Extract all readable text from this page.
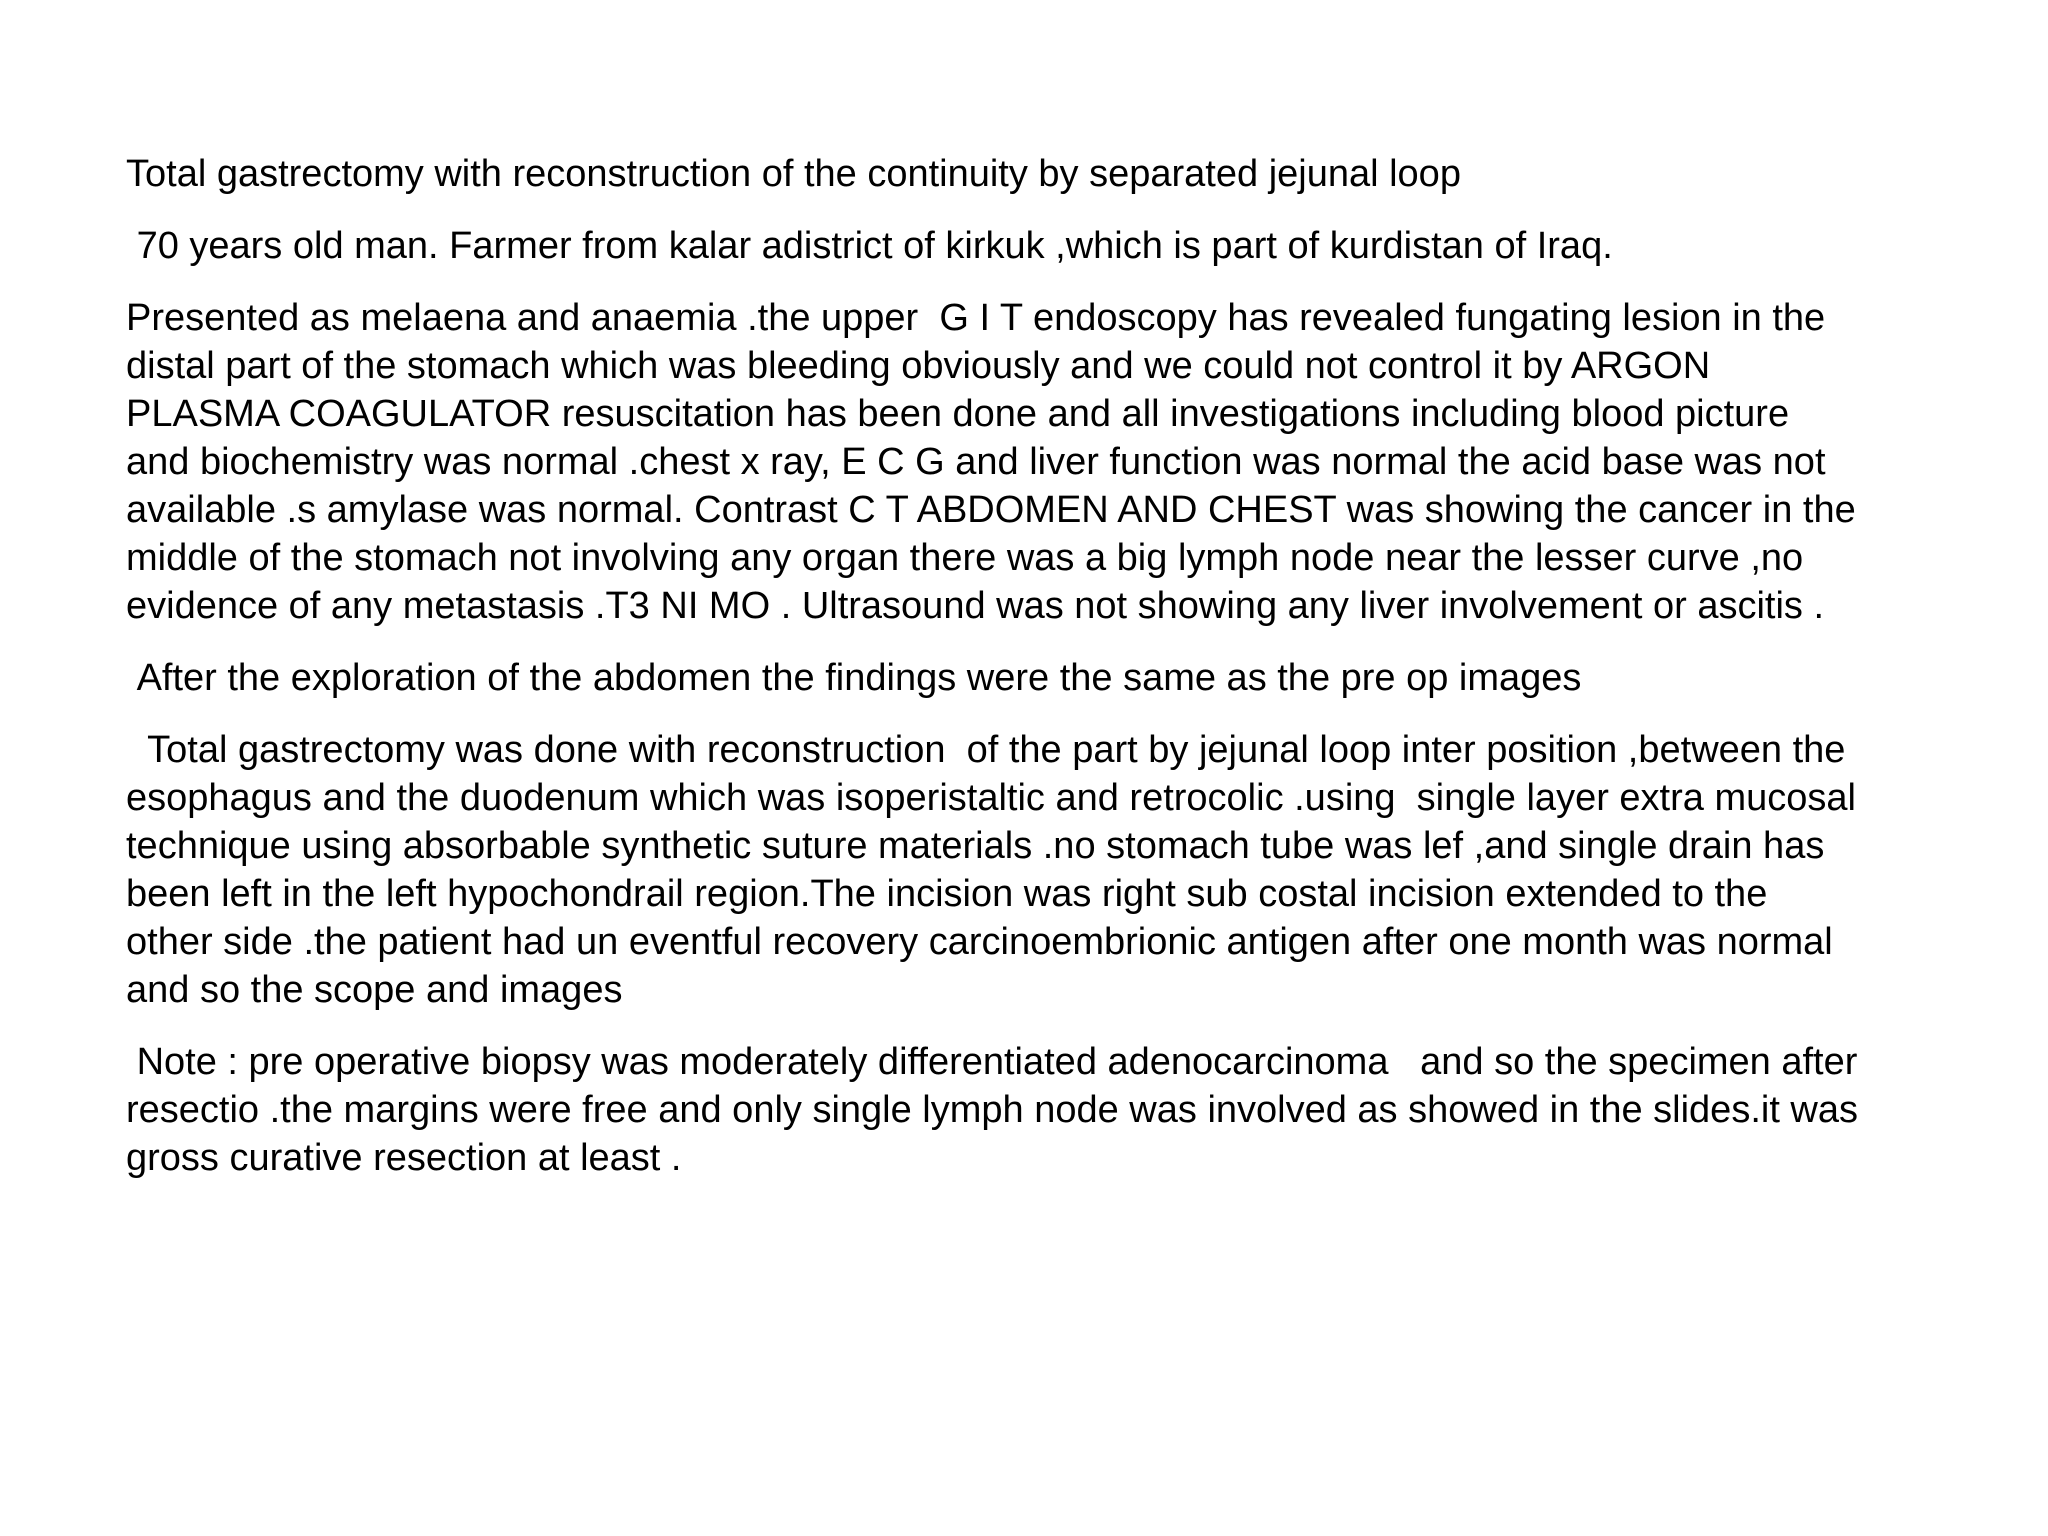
Total gastrectomy with reconstruction of the continuity by separated jejunal loop

70 years old man. Farmer from kalar adistrict of kirkuk ,which is part of kurdistan of Iraq.

Presented as melaena and anaemia .the upper  G I T endoscopy has revealed fungating lesion in the
distal part of the stomach which was bleeding obviously and we could not control it by ARGON
PLASMA COAGULATOR resuscitation has been done and all investigations including blood picture
and biochemistry was normal .chest x ray, E C G and liver function was normal the acid base was not
available .s amylase was normal. Contrast C T ABDOMEN AND CHEST was showing the cancer in the
middle of the stomach not involving any organ there was a big lymph node near the lesser curve ,no
evidence of any metastasis .T3 NI MO . Ultrasound was not showing any liver involvement or ascitis .

After the exploration of the abdomen the findings were the same as the pre op images

Total gastrectomy was done with reconstruction  of the part by jejunal loop inter position ,between the
esophagus and the duodenum which was isoperistaltic and retrocolic .using  single layer extra mucosal
technique using absorbable synthetic suture materials .no stomach tube was lef ,and single drain has
been left in the left hypochondrail region.The incision was right sub costal incision extended to the
other side .the patient had un eventful recovery carcinoembrionic antigen after one month was normal
and so the scope and images

Note : pre operative biopsy was moderately differentiated adenocarcinoma   and so the specimen after
resectio .the margins were free and only single lymph node was involved as showed in the slides.it was
gross curative resection at least .
